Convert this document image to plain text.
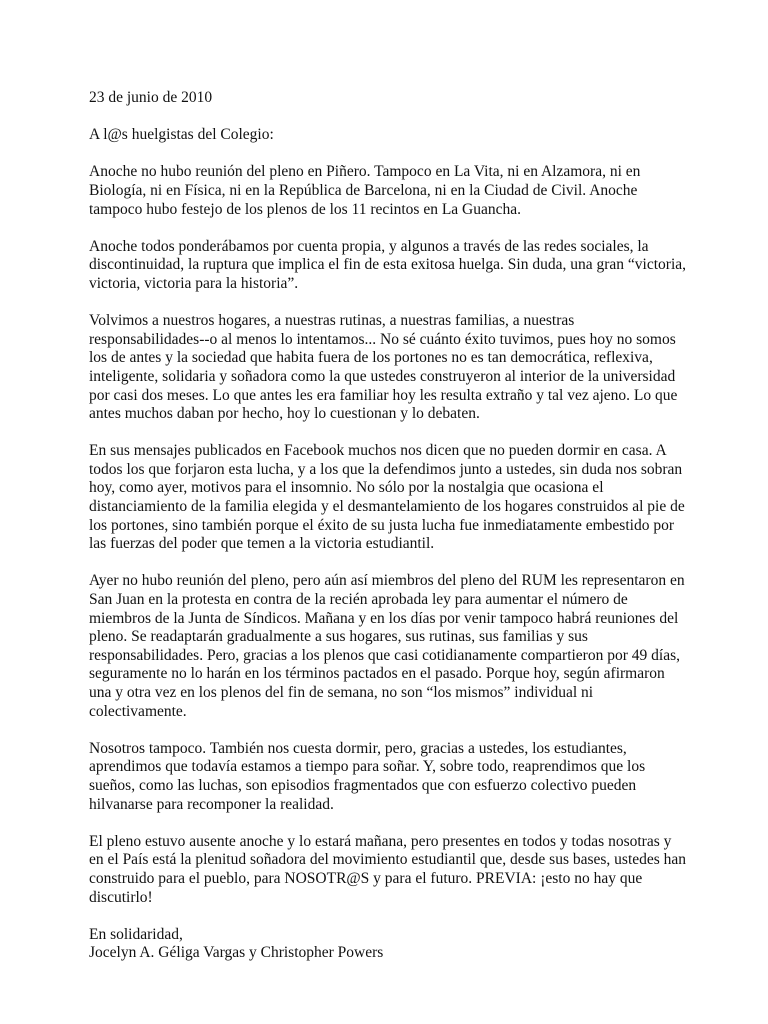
23 de junio de 2010

A l@s huelgistas del Colegio:

Anoche no hubo reunión del pleno en Piñero. Tampoco en La Vita, ni en Alzamora, ni en Biología, ni en Física, ni en la República de Barcelona, ni en la Ciudad de Civil. Anoche tampoco hubo festejo de los plenos de los 11 recintos en La Guancha.

Anoche todos ponderábamos por cuenta propia, y algunos a través de las redes sociales, la discontinuidad, la ruptura que implica el fin de esta exitosa huelga. Sin duda, una gran “victoria, victoria, victoria para la historia”.

Volvimos a nuestros hogares, a nuestras rutinas, a nuestras familias, a nuestras responsabilidades--o al menos lo intentamos... No sé cuánto éxito tuvimos, pues hoy no somos los de antes y la sociedad que habita fuera de los portones no es tan democrática, reflexiva, inteligente, solidaria y soñadora como la que ustedes construyeron al interior de la universidad por casi dos meses. Lo que antes les era familiar hoy les resulta extraño y tal vez ajeno. Lo que antes muchos daban por hecho, hoy lo cuestionan y lo debaten.

En sus mensajes publicados en Facebook muchos nos dicen que no pueden dormir en casa. A todos los que forjaron esta lucha, y a los que la defendimos junto a ustedes, sin duda nos sobran hoy, como ayer, motivos para el insomnio. No sólo por la nostalgia que ocasiona el distanciamiento de la familia elegida y el desmantelamiento de los hogares construidos al pie de los portones, sino también porque el éxito de su justa lucha fue inmediatamente embestido por las fuerzas del poder que temen a la victoria estudiantil.

Ayer no hubo reunión del pleno, pero aún así miembros del pleno del RUM les representaron en San Juan en la protesta en contra de la recién aprobada ley para aumentar el número de miembros de la Junta de Síndicos. Mañana y en los días por venir tampoco habrá reuniones del pleno. Se readaptarán gradualmente a sus hogares, sus rutinas, sus familias y sus responsabilidades. Pero, gracias a los plenos que casi cotidianamente compartieron por 49 días, seguramente no lo harán en los términos pactados en el pasado. Porque hoy, según afirmaron una y otra vez en los plenos del fin de semana, no son “los mismos” individual ni colectivamente.

Nosotros tampoco. También nos cuesta dormir, pero, gracias a ustedes, los estudiantes, aprendimos que todavía estamos a tiempo para soñar. Y, sobre todo, reaprendimos que los sueños, como las luchas, son episodios fragmentados que con esfuerzo colectivo pueden hilvanarse para recomponer la realidad.

El pleno estuvo ausente anoche y lo estará mañana, pero presentes en todos y todas nosotras y en el País está la plenitud soñadora del movimiento estudiantil que, desde sus bases, ustedes han construido para el pueblo, para NOSOTR@S y para el futuro. PREVIA: ¡esto no hay que discutirlo!

En solidaridad,

Jocelyn A. Géliga Vargas y Christopher Powers
